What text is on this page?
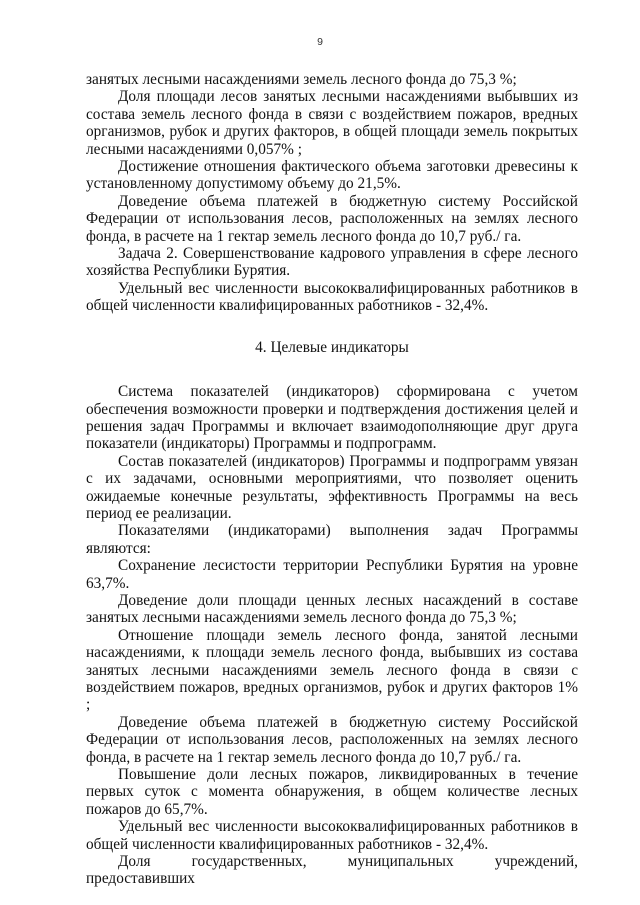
9

занятых лесными насаждениями земель лесного фонда до 75,3 %;

Доля площади лесов занятых лесными насаждениями выбывших из состава земель лесного фонда в связи с воздействием пожаров, вредных организмов, рубок и других факторов, в общей площади земель покрытых лесными насаждениями 0,057% ;

Достижение отношения фактического объема заготовки древесины к установленному допустимому объему до 21,5%.

Доведение объема платежей в бюджетную систему Российской Федерации от использования лесов, расположенных на землях лесного фонда, в расчете на 1 гектар земель лесного фонда до 10,7 руб./ га.

Задача 2. Совершенствование кадрового управления в сфере лесного хозяйства Республики Бурятия.

Удельный вес численности высококвалифицированных работников в общей численности квалифицированных работников - 32,4%.

4. Целевые индикаторы

Система показателей (индикаторов) сформирована с учетом обеспечения возможности проверки и подтверждения достижения целей и решения задач Программы и включает взаимодополняющие друг друга показатели (индикаторы) Программы и подпрограмм.

Состав показателей (индикаторов) Программы и подпрограмм увязан с их задачами, основными мероприятиями, что позволяет оценить ожидаемые конечные результаты, эффективность Программы на весь период ее реализации.

Показателями (индикаторами) выполнения задач Программы являются:

Сохранение лесистости территории Республики Бурятия на уровне 63,7%.

Доведение доли площади ценных лесных насаждений в составе занятых лесными насаждениями земель лесного фонда до 75,3 %;

Отношение площади земель лесного фонда, занятой лесными насаждениями, к площади земель лесного фонда, выбывших из состава занятых лесными насаждениями земель лесного фонда в связи с воздействием пожаров, вредных организмов, рубок и других факторов 1% ;

Доведение объема платежей в бюджетную систему Российской Федерации от использования лесов, расположенных на землях лесного фонда, в расчете на 1 гектар земель лесного фонда до 10,7 руб./ га.

Повышение доли лесных пожаров, ликвидированных в течение первых суток с момента обнаружения, в общем количестве лесных пожаров до 65,7%.

Удельный вес численности высококвалифицированных работников в общей численности квалифицированных работников - 32,4%.

Доля государственных, муниципальных учреждений, предоставивших
